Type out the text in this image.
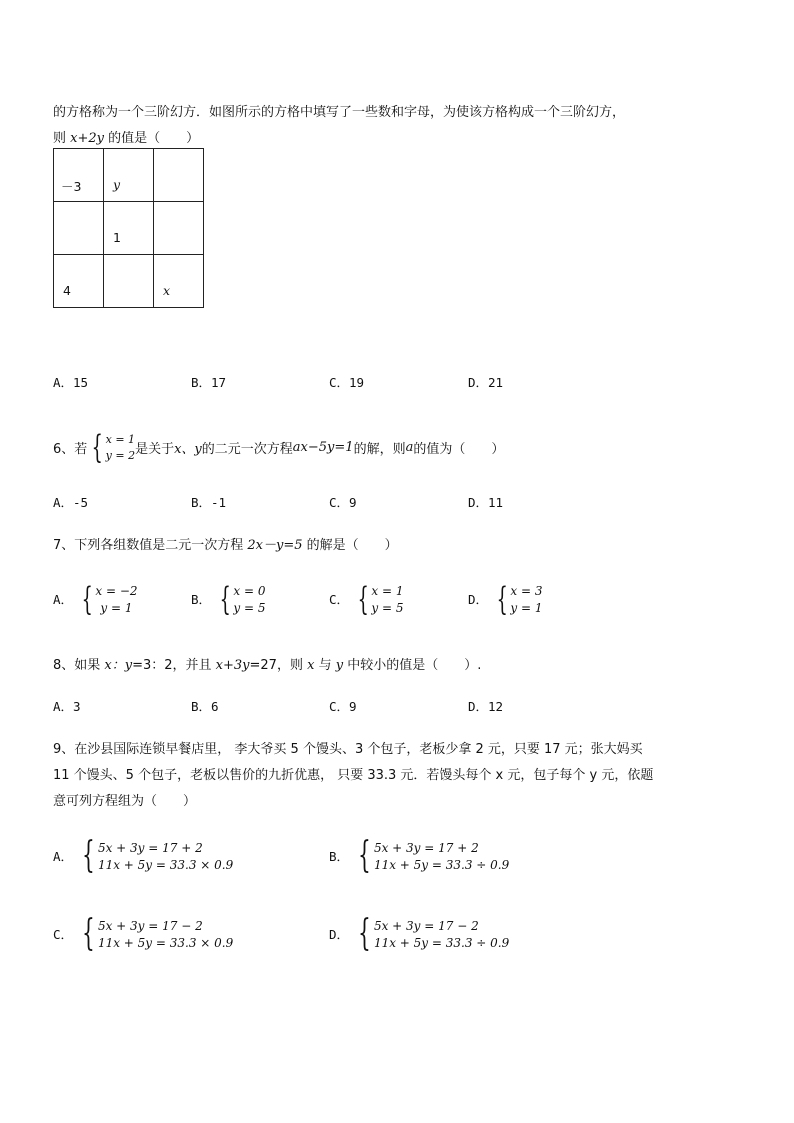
的方格称为一个三阶幻方．如图所示的方格中填写了一些数和字母，为使该方格构成一个三阶幻方，
则 x+2y 的值是（　　）
－3	y	

	1	

4		x
A．15	B．17	C．19	D．21
6、若 { x = 1
y = 2 是关于 x、y 的二元一次方程 ax−5y=1 的解，则 a 的值为（　　）
A．-5	B．-1	C．9	D．11
7、下列各组数值是二元一次方程 2x－y=5 的解是（　　）
A． { x = −2
y = 1
B． { x = 0
y = 5
C． { x = 1
y = 5
D． { x = 3
y = 1
8、如果 x：y=3：2，并且 x+3y=27，则 x 与 y 中较小的值是（　　）.
A．3	B．6	C．9	D．12
9、在沙县国际连锁早餐店里， 李大爷买 5 个馒头、3 个包子，老板少拿 2 元，只要 17 元；张大妈买
11 个馒头、5 个包子，老板以售价的九折优惠， 只要 33.3 元．若馒头每个 x 元，包子每个 y 元，依题
意可列方程组为（　　）
A． { 5x + 3y = 17 + 2
11x + 5y = 33.3 × 0.9
B． { 5x + 3y = 17 + 2
11x + 5y = 33.3 ÷ 0.9
C． { 5x + 3y = 17 − 2
11x + 5y = 33.3 × 0.9
D． { 5x + 3y = 17 − 2
11x + 5y = 33.3 ÷ 0.9
